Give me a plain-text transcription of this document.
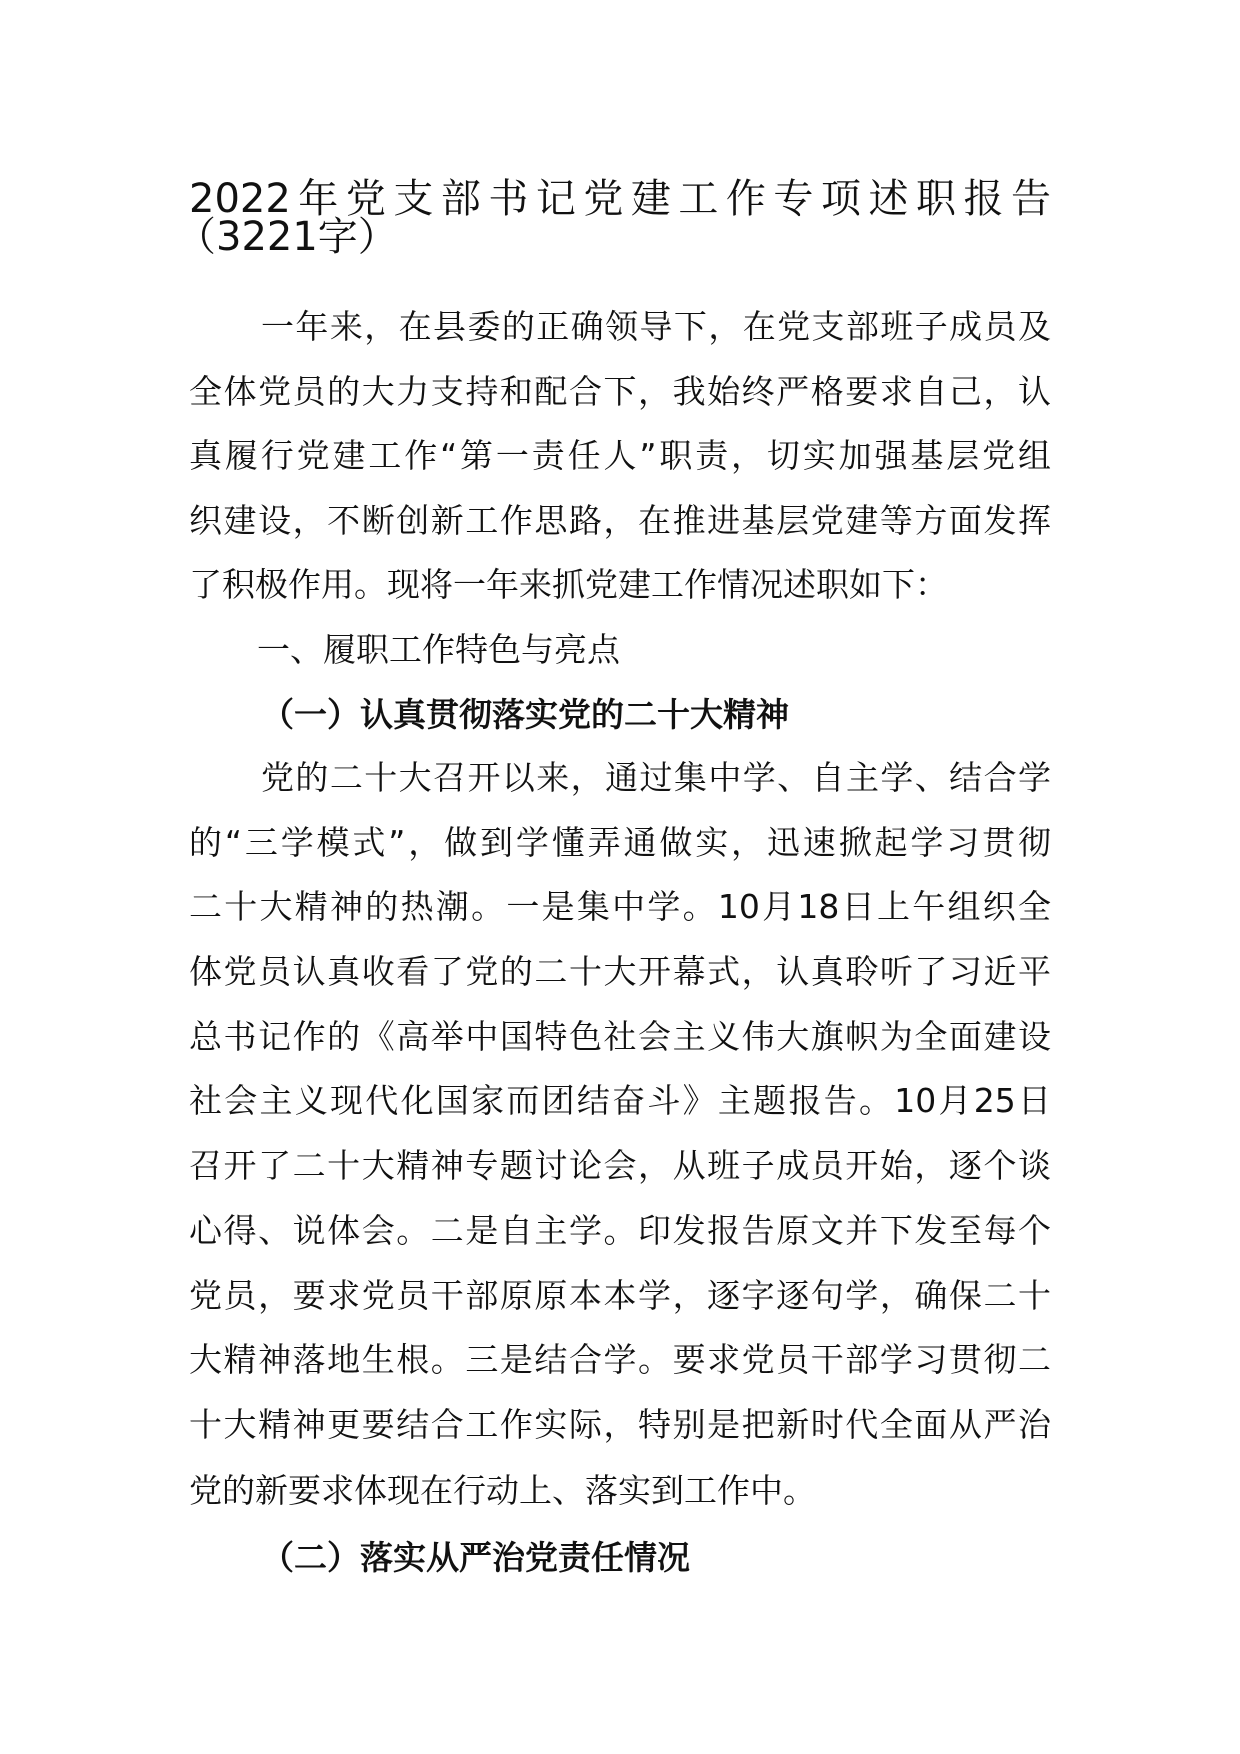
2022年党支部书记党建工作专项述职报告
（3221字）
一年来，在县委的正确领导下，在党支部班子成员及
全体党员的大力支持和配合下，我始终严格要求自己，认
真履行党建工作“第一责任人”职责，切实加强基层党组
织建设，不断创新工作思路，在推进基层党建等方面发挥
了积极作用。现将一年来抓党建工作情况述职如下：
一、履职工作特色与亮点
（一）认真贯彻落实党的二十大精神
党的二十大召开以来，通过集中学、自主学、结合学
的“三学模式”，做到学懂弄通做实，迅速掀起学习贯彻
二十大精神的热潮。一是集中学。10月18日上午组织全
体党员认真收看了党的二十大开幕式，认真聆听了习近平
总书记作的《高举中国特色社会主义伟大旗帜为全面建设
社会主义现代化国家而团结奋斗》主题报告。10月25日
召开了二十大精神专题讨论会，从班子成员开始，逐个谈
心得、说体会。二是自主学。印发报告原文并下发至每个
党员，要求党员干部原原本本学，逐字逐句学，确保二十
大精神落地生根。三是结合学。要求党员干部学习贯彻二
十大精神更要结合工作实际，特别是把新时代全面从严治
党的新要求体现在行动上、落实到工作中。
（二）落实从严治党责任情况
